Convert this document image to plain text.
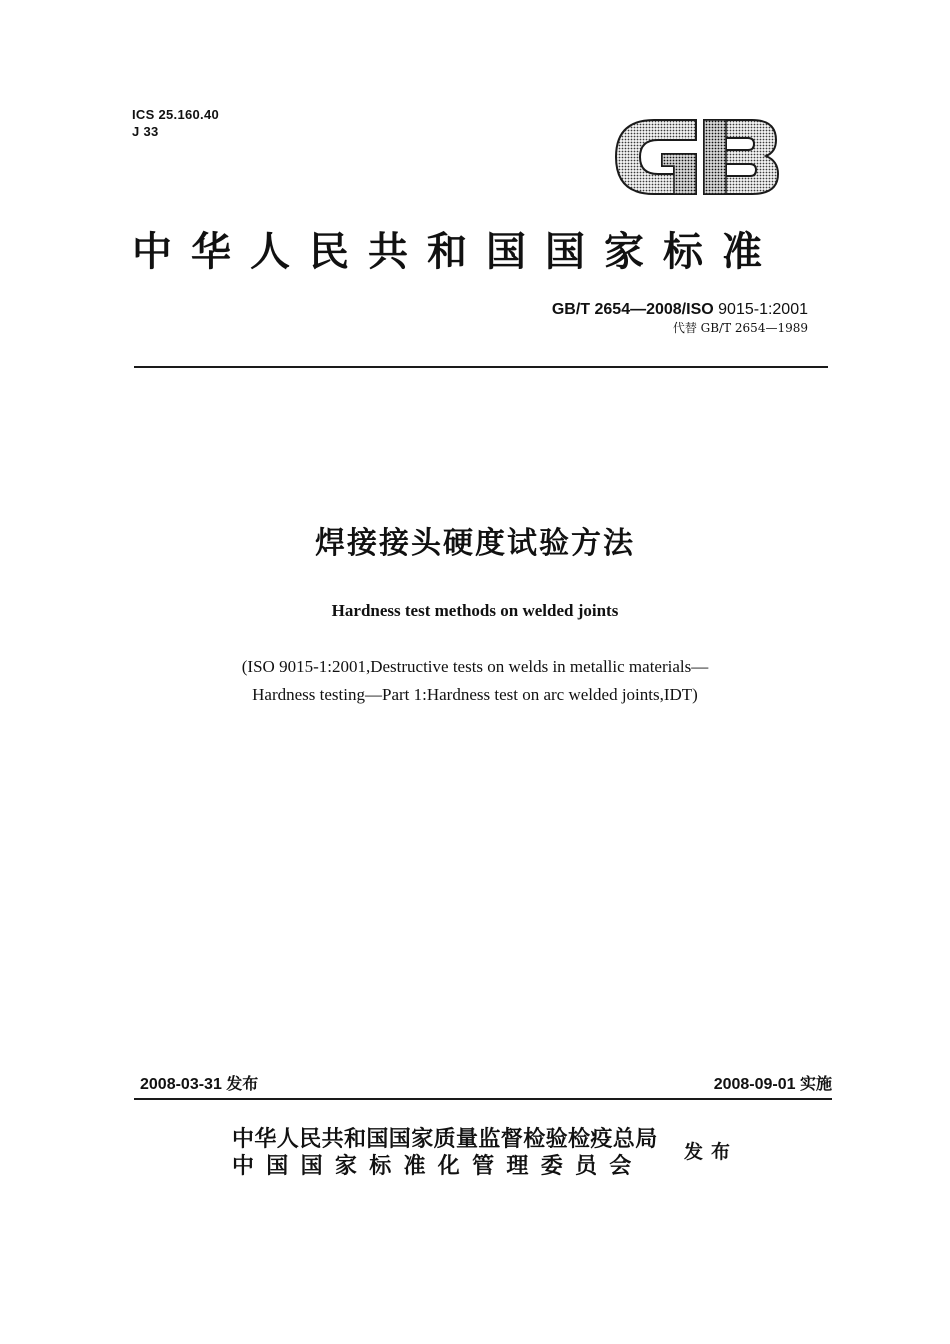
ICS 25.160.40
J 33
中华人民共和国国家标准
GB/T 2654—2008/ISO 9015-1:2001
代替 GB/T 2654—1989
焊接接头硬度试验方法
Hardness test methods on welded joints
(ISO 9015-1:2001,Destructive tests on welds in metallic materials—
Hardness testing—Part 1:Hardness test on arc welded joints,IDT)
2008-03-31 发布	2008-09-01 实施
中华人民共和国国家质量监督检验检疫总局
中国国家标准化管理委员会
发布
